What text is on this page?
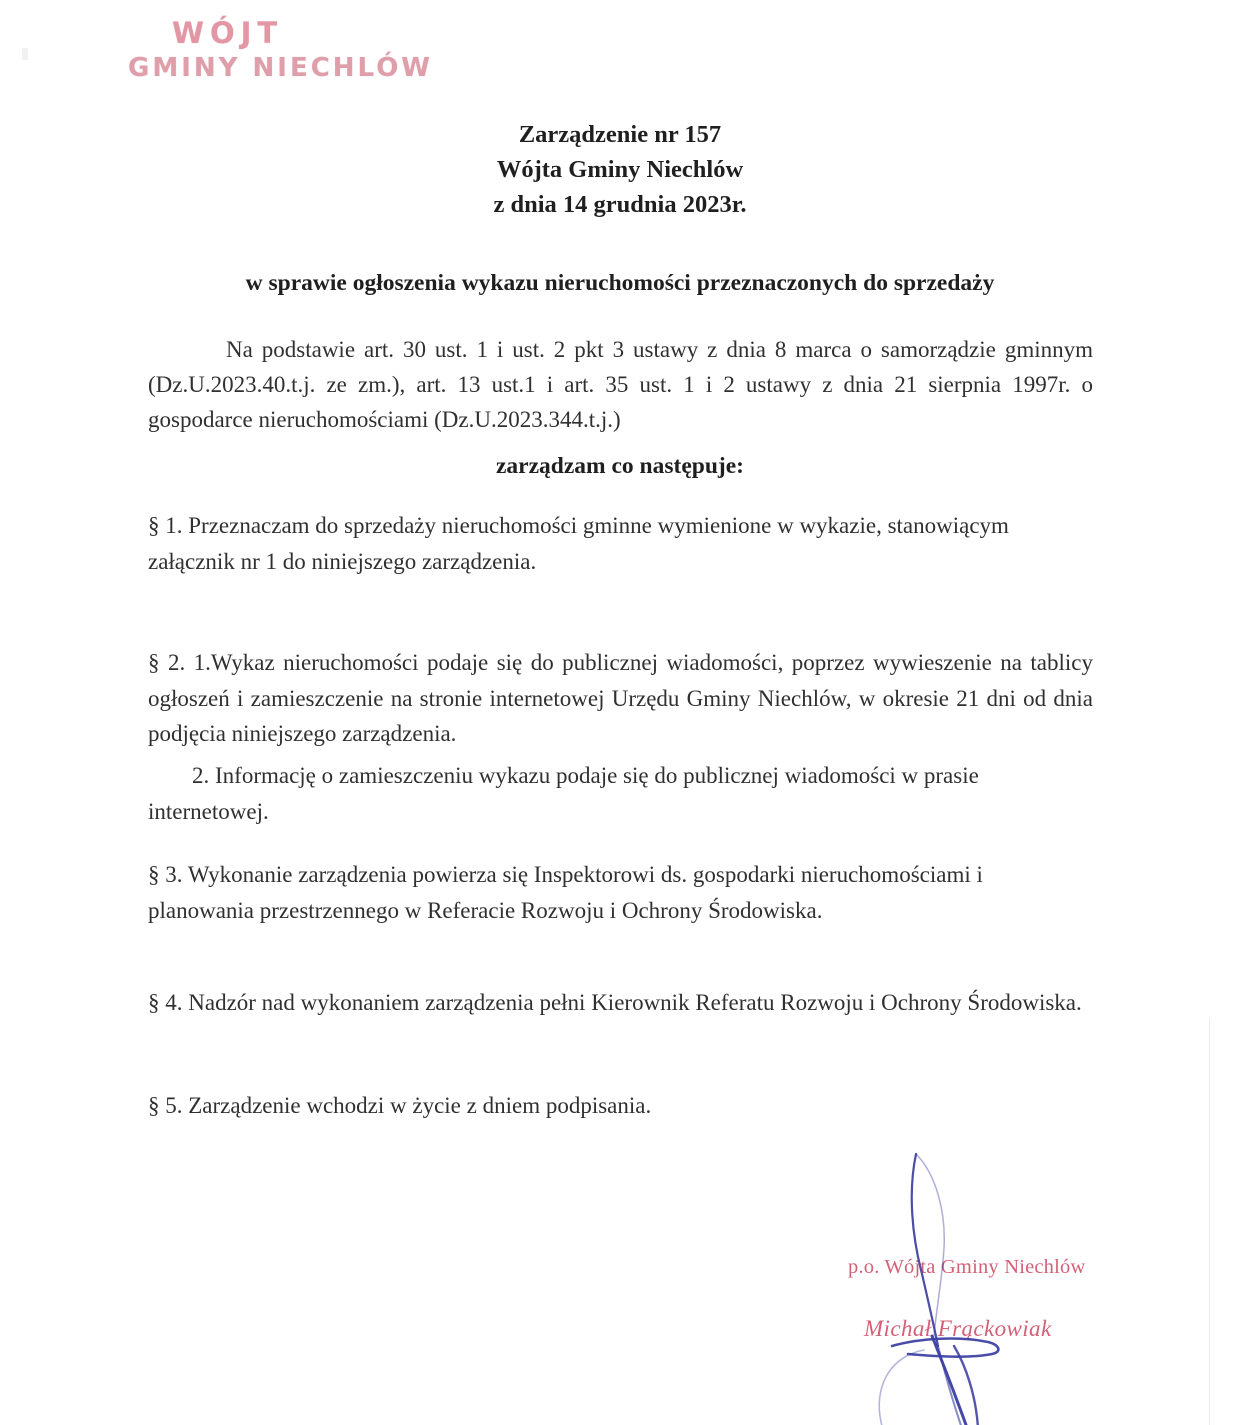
WÓJT
GMINY NIECHLÓW
Zarządzenie nr 157
Wójta Gminy Niechlów
z dnia 14 grudnia 2023r.
w sprawie ogłoszenia wykazu nieruchomości przeznaczonych do sprzedaży
Na podstawie art. 30 ust. 1 i ust. 2 pkt 3 ustawy z dnia 8 marca o samorządzie gminnym (Dz.U.2023.40.t.j. ze zm.), art. 13 ust.1 i art. 35 ust. 1 i 2 ustawy z dnia 21 sierpnia 1997r. o gospodarce nieruchomościami (Dz.U.2023.344.t.j.)
zarządzam co następuje:
§ 1. Przeznaczam do sprzedaży nieruchomości gminne wymienione w wykazie, stanowiącym załącznik nr 1 do niniejszego zarządzenia.
§ 2. 1.Wykaz nieruchomości podaje się do publicznej wiadomości, poprzez wywieszenie na tablicy ogłoszeń i zamieszczenie na stronie internetowej Urzędu Gminy Niechlów, w okresie 21 dni od dnia podjęcia niniejszego zarządzenia.
2. Informację o zamieszczeniu wykazu podaje się do publicznej wiadomości w prasie internetowej.
§ 3. Wykonanie zarządzenia powierza się Inspektorowi ds. gospodarki nieruchomościami i planowania przestrzennego w Referacie Rozwoju i Ochrony Środowiska.
§ 4. Nadzór nad wykonaniem zarządzenia pełni Kierownik Referatu Rozwoju i Ochrony Środowiska.
§ 5. Zarządzenie wchodzi w życie z dniem podpisania.
p.o. Wójta Gminy Niechlów
Michał Frąckowiak
